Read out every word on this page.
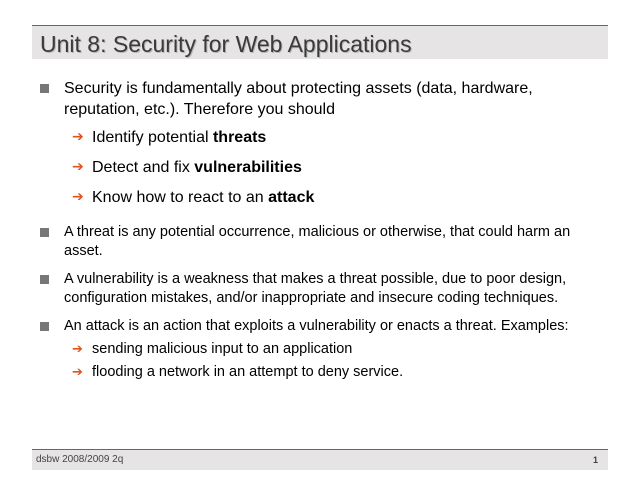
Unit 8: Security for Web Applications
Security is fundamentally about protecting assets (data, hardware, reputation, etc.). Therefore you should
➔ Identify potential threats
➔ Detect and fix vulnerabilities
➔ Know how to react to an attack
A threat is any potential occurrence, malicious or otherwise, that could harm an asset.
A vulnerability is a weakness that makes a threat possible, due to poor design, configuration mistakes, and/or inappropriate and insecure coding techniques.
An attack is an action that exploits a vulnerability or enacts a threat. Examples:
➔ sending malicious input to an application
➔ flooding a network in an attempt to deny service.
dsbw 2008/2009 2q	1
